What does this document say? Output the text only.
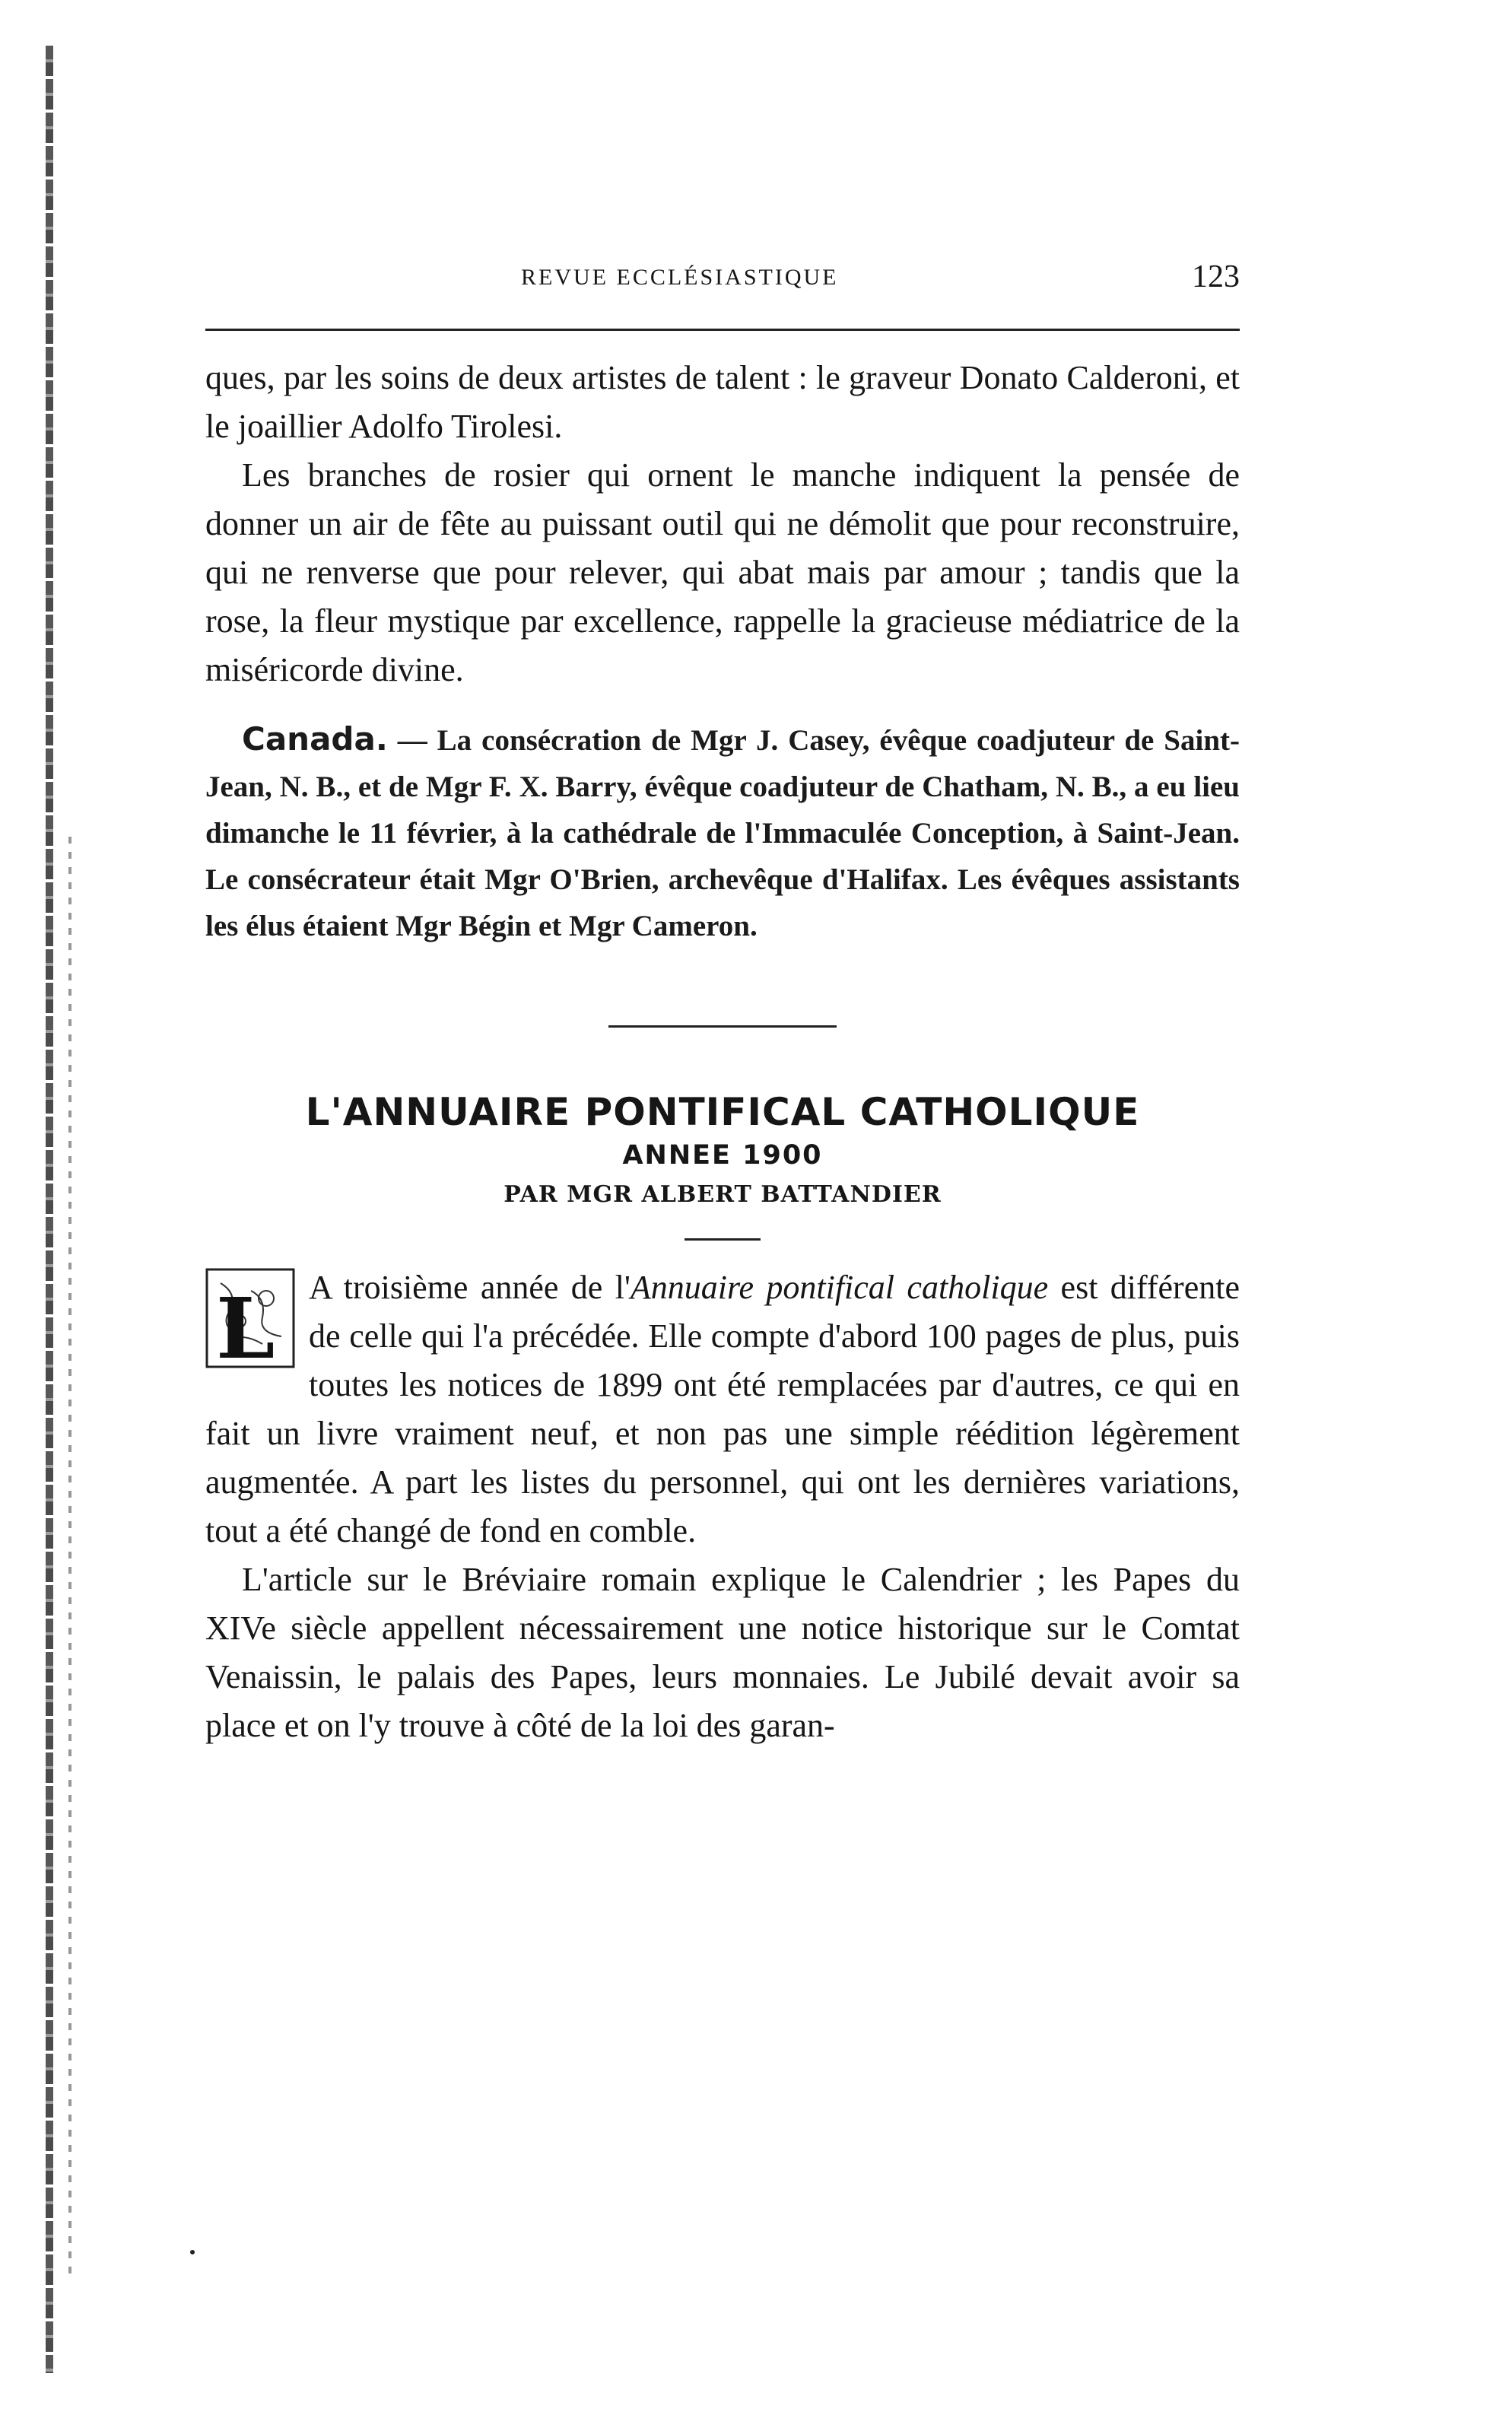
REVUE ECCLÉSIASTIQUE	123

ques, par les soins de deux artistes de talent : le graveur Donato Calderoni, et le joaillier Adolfo Tirolesi.

Les branches de rosier qui ornent le manche indiquent la pensée de donner un air de fête au puissant outil qui ne démolit que pour reconstruire, qui ne renverse que pour relever, qui abat mais par amour ; tandis que la rose, la fleur mystique par excellence, rappelle la gracieuse médiatrice de la miséricorde divine.

Canada. — La consécration de Mgr J. Casey, évêque coadjuteur de Saint-Jean, N. B., et de Mgr F. X. Barry, évêque coadjuteur de Chatham, N. B., a eu lieu dimanche le 11 février, à la cathédrale de l'Immaculée Conception, à Saint-Jean. Le consécrateur était Mgr O'Brien, archevêque d'Halifax. Les évêques assistants les élus étaient Mgr Bégin et Mgr Cameron.

L'ANNUAIRE PONTIFICAL CATHOLIQUE
ANNEE 1900
PAR MGR ALBERT BATTANDIER
L	A troisième année de l'Annuaire pontifical catholique est différente de celle qui l'a précédée. Elle compte d'abord 100 pages de plus, puis toutes les notices de 1899 ont été remplacées par d'autres, ce qui en fait un livre vraiment neuf, et non pas une simple réédition légèrement augmentée. A part les listes du personnel, qui ont les dernières variations, tout a été changé de fond en comble.

L'article sur le Bréviaire romain explique le Calendrier ; les Papes du XIVe siècle appellent nécessairement une notice historique sur le Comtat Venaissin, le palais des Papes, leurs monnaies. Le Jubilé devait avoir sa place et on l'y trouve à côté de la loi des garan-
